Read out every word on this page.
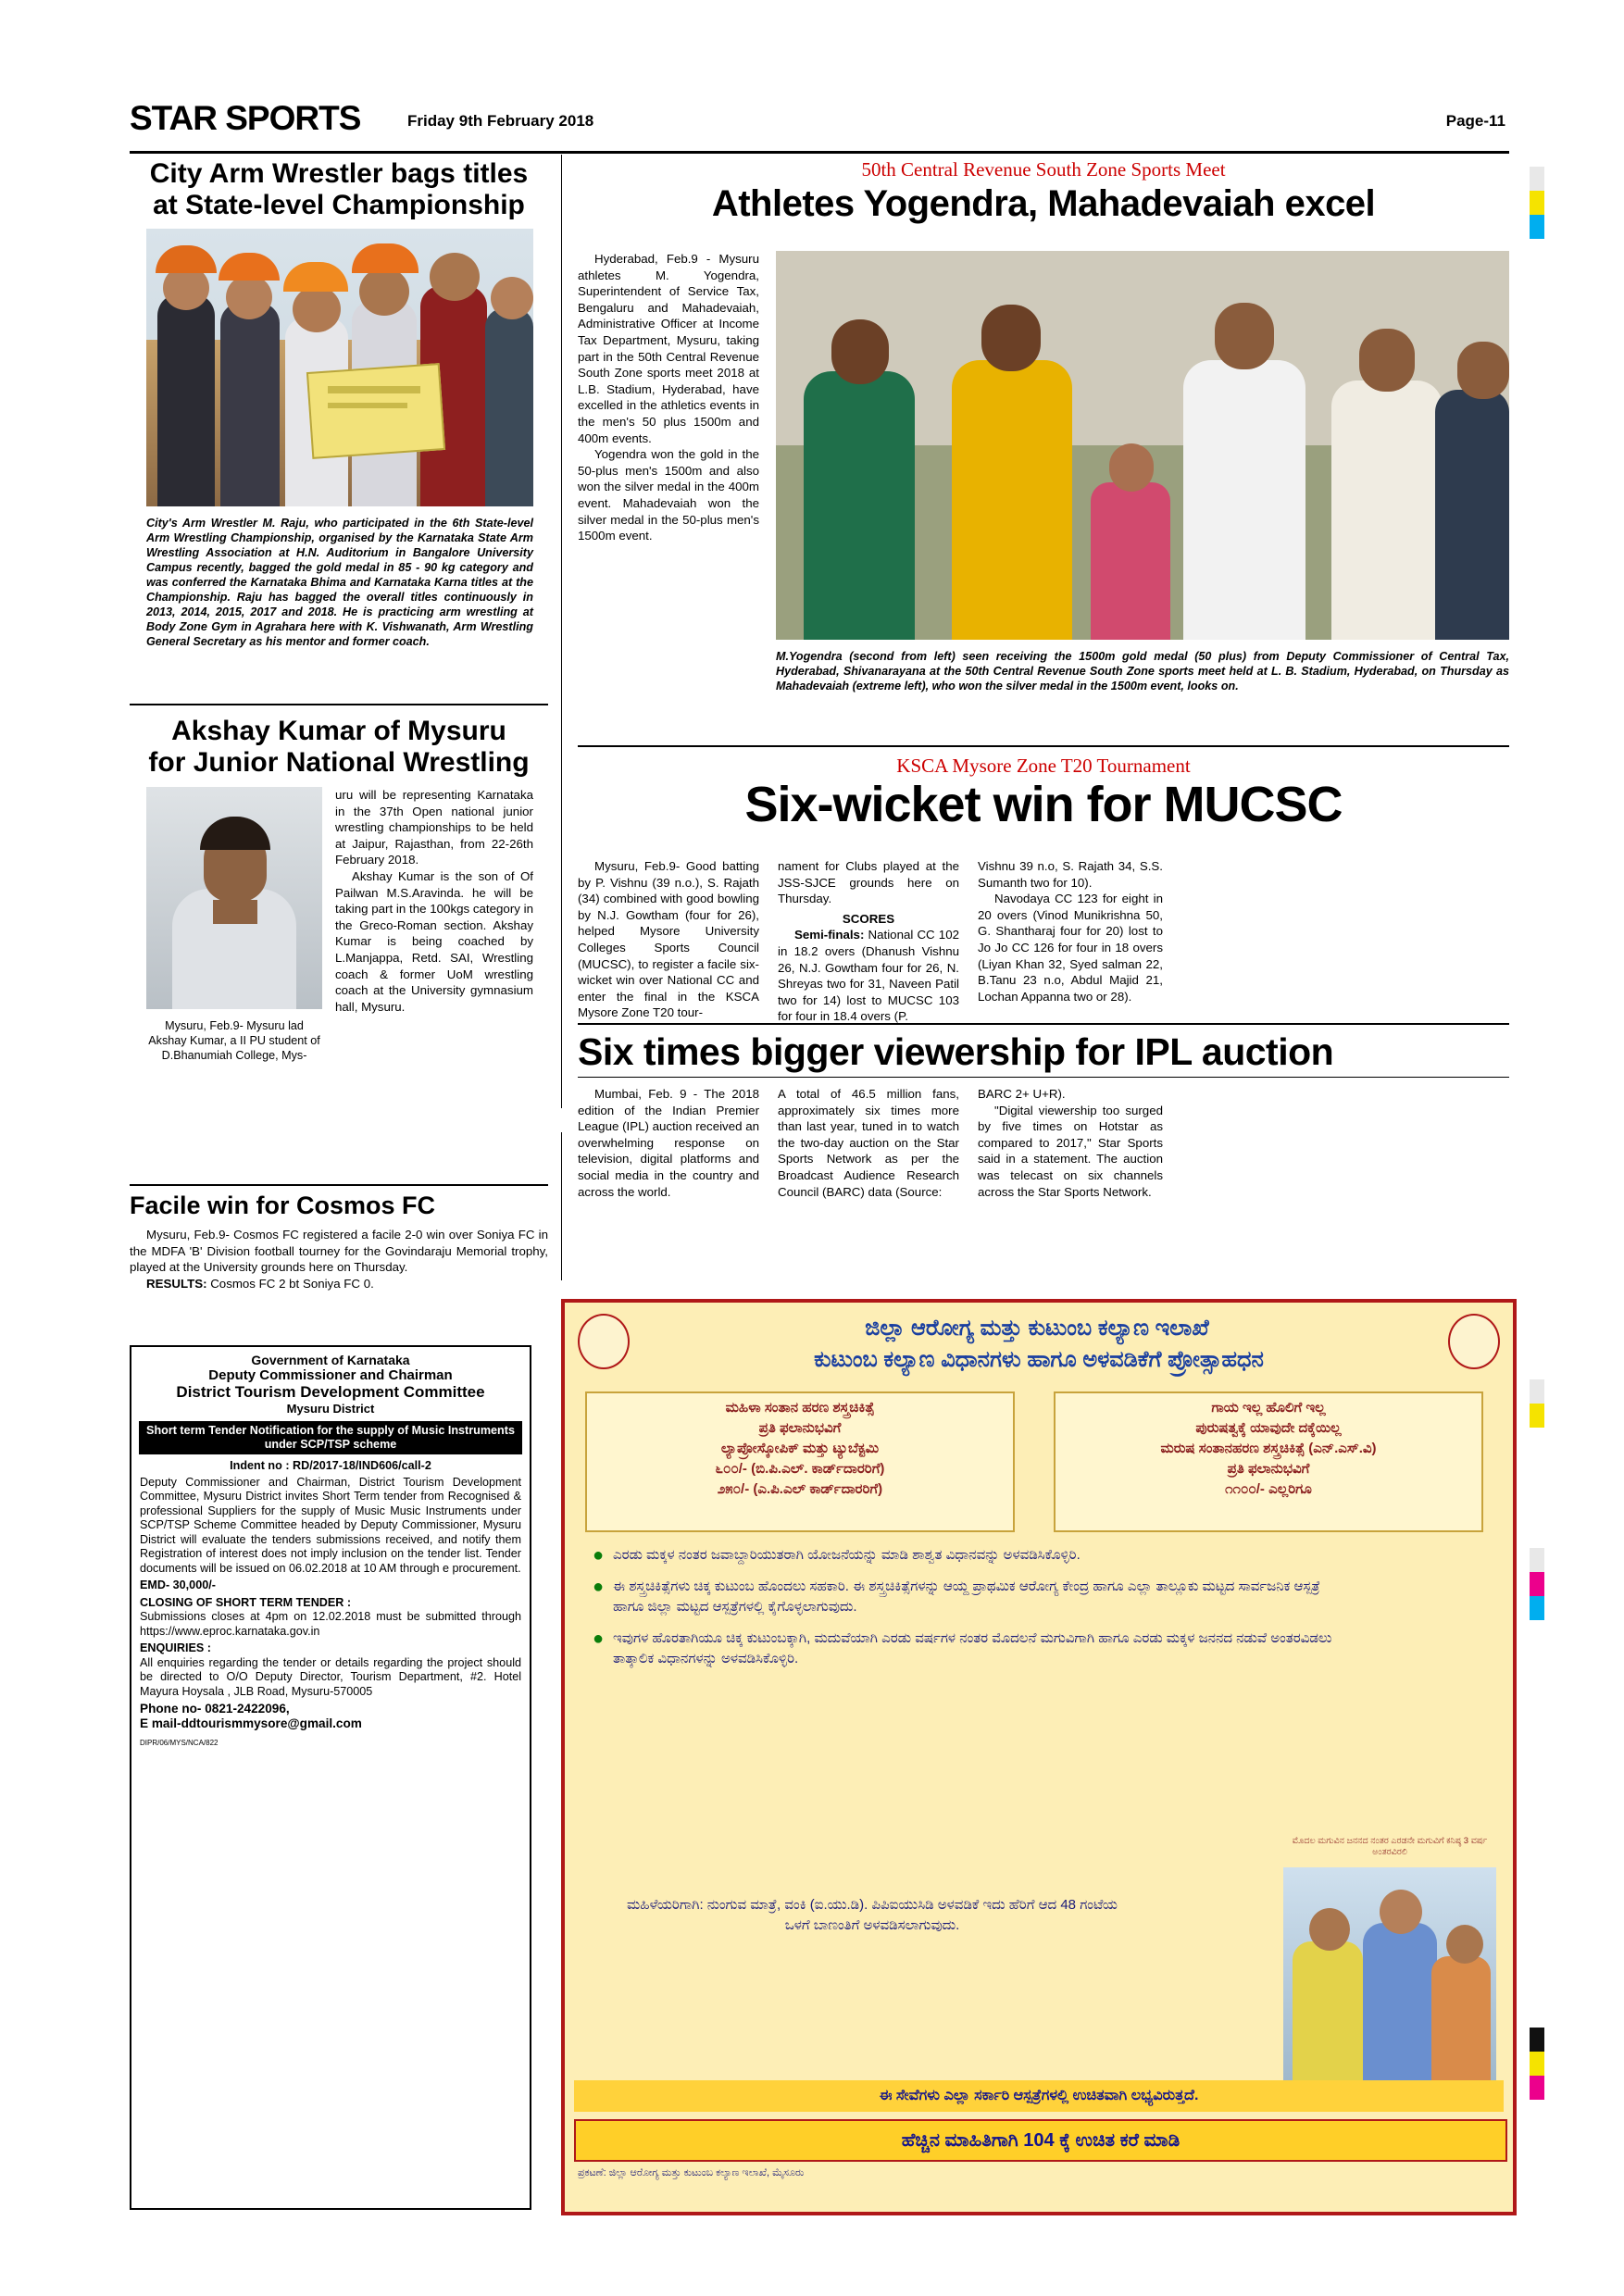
STAR SPORTS	Friday 9th February 2018	Page-11
City Arm Wrestler bags titles
at State-level Championship
City's Arm Wrestler M. Raju, who participated in the 6th State-level Arm Wrestling Championship, organised by the Karnataka State Arm Wrestling Association at H.N. Auditorium in Bangalore University Campus recently, bagged the gold medal in 85 - 90 kg category and was conferred the Karnataka Bhima and Karnataka Karna titles at the Championship. Raju has bagged the overall titles continuously in 2013, 2014, 2015, 2017 and 2018. He is practicing arm wrestling at Body Zone Gym in Agrahara here with K. Vishwanath, Arm Wrestling General Secretary as his mentor and former coach.
Akshay Kumar of Mysuru
for Junior National Wrestling

uru will be representing Karnataka in the 37th Open national junior wrestling championships to be held at Jaipur, Rajasthan, from 22-26th February 2018.

Akshay Kumar is the son of Of Pailwan M.S.Aravinda. he will be taking part in the 100kgs category in the Greco-Roman section. Akshay Kumar is being coached by L.Manjappa, Retd. SAI, Wrestling coach & former UoM wrestling coach at the University gymnasium hall, Mysuru.

Mysuru, Feb.9- Mysuru lad Akshay Kumar, a II PU student of D.Bhanumiah College, Mys-
50th Central Revenue South Zone Sports Meet
Athletes Yogendra, Mahadevaiah excel

Hyderabad, Feb.9 - Mysuru athletes M. Yogendra, Superintendent of Service Tax, Bengaluru and Mahadevaiah, Administrative Officer at Income Tax Department, Mysuru, taking part in the 50th Central Revenue South Zone sports meet 2018 at L.B. Stadium, Hyderabad, have excelled in the athletics events in the men's 50 plus 1500m and 400m events.

Yogendra won the gold in the 50-plus men's 1500m and also won the silver medal in the 400m event. Mahadevaiah won the silver medal in the 50-plus men's 1500m event.

M.Yogendra (second from left) seen receiving the 1500m gold medal (50 plus) from Deputy Commissioner of Central Tax, Hyderabad, Shivanarayana at the 50th Central Revenue South Zone sports meet held at L. B. Stadium, Hyderabad, on Thursday as Mahadevaiah (extreme left), who won the silver medal in the 1500m event, looks on.
KSCA Mysore Zone T20 Tournament
Six-wicket win for MUCSC

Mysuru, Feb.9- Good batting by P. Vishnu (39 n.o.), S. Rajath (34) combined with good bowling by N.J. Gowtham (four for 26), helped Mysore University Colleges Sports Council (MUCSC), to register a facile six-wicket win over National CC and enter the final in the KSCA Mysore Zone T20 tour-

nament for Clubs played at the JSS-SJCE grounds here on Thursday.

SCORES

Semi-finals: National CC 102 in 18.2 overs (Dhanush Vishnu 26, N.J. Gowtham four for 26, N. Shreyas two for 31, Naveen Patil two for 14) lost to MUCSC 103 for four in 18.4 overs (P.

Vishnu 39 n.o, S. Rajath 34, S.S. Sumanth two for 10).

Navodaya CC 123 for eight in 20 overs (Vinod Munikrishna 50, G. Shantharaj four for 20) lost to Jo Jo CC 126 for four in 18 overs (Liyan Khan 32, Syed salman 22, B.Tanu 23 n.o, Abdul Majid 21, Lochan Appanna two or 28).

Six times bigger viewership for IPL auction

Mumbai, Feb. 9 - The 2018 edition of the Indian Premier League (IPL) auction received an overwhelming response on television, digital platforms and social media in the country and across the world.

A total of 46.5 million fans, approximately six times more than last year, tuned in to watch the two-day auction on the Star Sports Network as per the Broadcast Audience Research Council (BARC) data (Source:

BARC 2+ U+R).

"Digital viewership too surged by five times on Hotstar as compared to 2017," Star Sports said in a statement. The auction was telecast on six channels across the Star Sports Network.

Facile win for Cosmos FC

Mysuru, Feb.9- Cosmos FC registered a facile 2-0 win over Soniya FC in the MDFA 'B' Division football tourney for the Govindaraju Memorial trophy, played at the University grounds here on Thursday.

RESULTS: Cosmos FC 2 bt Soniya FC 0.

Government of Karnataka
Deputy Commissioner and Chairman
District Tourism Development Committee
Mysuru District
Short term Tender Notification for the supply of Music Instruments under SCP/TSP scheme
Indent no : RD/2017-18/IND606/call-2
Deputy Commissioner and Chairman, District Tourism Development Committee, Mysuru District invites Short Term tender from Recognised & professional Suppliers for the supply of Music Music Instruments under SCP/TSP Scheme Committee headed by Deputy Commissioner, Mysuru District will evaluate the tenders submissions received, and notify them Registration of interest does not imply inclusion on the tender list. Tender documents will be issued on 06.02.2018 at 10 AM through e procurement.
EMD- 30,000/-
CLOSING OF SHORT TERM TENDER :
Submissions closes at 4pm on 12.02.2018 must be submitted through https://www.eproc.karnataka.gov.in
ENQUIRIES :
All enquiries regarding the tender or details regarding the project should be directed to O/O Deputy Director, Tourism Department, #2. Hotel Mayura Hoysala , JLB Road, Mysuru-570005
Phone no- 0821-2422096,
E mail-ddtourismmysore@gmail.com
DIPR/06/MYS/NCA/822
ಜಿಲ್ಲಾ ಆರೋಗ್ಯ ಮತ್ತು ಕುಟುಂಬ ಕಲ್ಯಾಣ ಇಲಾಖೆ
ಕುಟುಂಬ ಕಲ್ಯಾಣ ವಿಧಾನಗಳು ಹಾಗೂ ಅಳವಡಿಕೆಗೆ ಪ್ರೋತ್ಸಾಹಧನ
ಮಹಿಳಾ ಸಂತಾನ ಹರಣ ಶಸ್ತ್ರಚಿಕಿತ್ಸೆ
ಪ್ರತಿ ಫಲಾನುಭವಿಗೆ
ಲ್ಯಾಪ್ರೋಸ್ಕೋಪಿಕ್ ಮತ್ತು ಟ್ಯುಬೆಕ್ಟಮಿ
೬೦೦/- (ಬಿ.ಪಿ.ಎಲ್. ಕಾರ್ಡ್‌ದಾರರಿಗೆ)
೨೫೦/- (ಎ.ಪಿ.ಎಲ್ ಕಾರ್ಡ್‌ದಾರರಿಗೆ)
ಗಾಯ ಇಲ್ಲ ಹೊಲಿಗೆ ಇಲ್ಲ
ಪುರುಷತ್ವಕ್ಕೆ ಯಾವುದೇ ದಕ್ಕೆಯಿಲ್ಲ
ಮರುಷ ಸಂತಾನಹರಣ ಶಸ್ತ್ರಚಿಕಿತ್ಸೆ (ಎನ್.ಎಸ್.ವಿ)
ಪ್ರತಿ ಫಲಾನುಭವಿಗೆ
೧೧೦೦/- ಎಲ್ಲರಿಗೂ
● ಎರಡು ಮಕ್ಕಳ ನಂತರ ಜವಾಬ್ದಾರಿಯುತರಾಗಿ ಯೋಜನೆಯನ್ನು ಮಾಡಿ ಶಾಶ್ವತ ವಿಧಾನವನ್ನು ಅಳವಡಿಸಿಕೊಳ್ಳಿರಿ.
● ಈ ಶಸ್ತ್ರಚಿಕಿತ್ಸೆಗಳು ಚಿಕ್ಕ ಕುಟುಂಬ ಹೊಂದಲು ಸಹಕಾರಿ. ಈ ಶಸ್ತ್ರಚಿಕಿತ್ಸೆಗಳನ್ನು ಆಯ್ದ ಪ್ರಾಥಮಿಕ ಆರೋಗ್ಯ ಕೇಂದ್ರ ಹಾಗೂ ಎಲ್ಲಾ ತಾಲ್ಲೂಕು ಮಟ್ಟದ ಸಾರ್ವಜನಿಕ ಆಸ್ಪತ್ರೆ ಹಾಗೂ ಜಿಲ್ಲಾ ಮಟ್ಟದ ಆಸ್ಪತ್ರೆಗಳಲ್ಲಿ ಕೈಗೊಳ್ಳಲಾಗುವುದು.
● ಇವುಗಳ ಹೊರತಾಗಿಯೂ ಚಿಕ್ಕ ಕುಟುಂಬಕ್ಕಾಗಿ, ಮದುವೆಯಾಗಿ ಎರಡು ವರ್ಷಗಳ ನಂತರ ಮೊದಲನೆ ಮಗುವಿಗಾಗಿ ಹಾಗೂ ಎರಡು ಮಕ್ಕಳ ಜನನದ ನಡುವೆ ಅಂತರವಿಡಲು ತಾತ್ಕಾಲಿಕ ವಿಧಾನಗಳನ್ನು ಅಳವಡಿಸಿಕೊಳ್ಳಿರಿ.
ಮೊದಲ ಮಗುವಿನ ಜನನದ ನಂತರ ಎರಡನೇ ಮಗುವಿಗೆ ಕನಿಷ್ಠ 3 ವರ್ಷ ಅಂತರವಿರಲಿ
ಮಹಿಳೆಯರಿಗಾಗಿ: ನುಂಗುವ ಮಾತ್ರೆ, ವಂಕಿ (ಐ.ಯು.ಡಿ). ಪಿಪಿಐಯುಸಿಡಿ ಅಳವಡಿಕೆ ಇದು ಹೆರಿಗೆ ಆದ 48 ಗಂಟೆಯ ಒಳಗೆ ಬಾಣಂತಿಗೆ ಅಳವಡಿಸಲಾಗುವುದು.
ಈ ಸೇವೆಗಳು ಎಲ್ಲಾ ಸರ್ಕಾರಿ ಆಸ್ಪತ್ರೆಗಳಲ್ಲಿ ಉಚಿತವಾಗಿ ಲಭ್ಯವಿರುತ್ತದೆ.
ಹೆಚ್ಚಿನ ಮಾಹಿತಿಗಾಗಿ 104 ಕ್ಕೆ ಉಚಿತ ಕರೆ ಮಾಡಿ
ಪ್ರಕಟಣೆ: ಜಿಲ್ಲಾ ಆರೋಗ್ಯ ಮತ್ತು ಕುಟುಂಬ ಕಲ್ಯಾಣ ಇಲಾಖೆ, ಮೈಸೂರು
